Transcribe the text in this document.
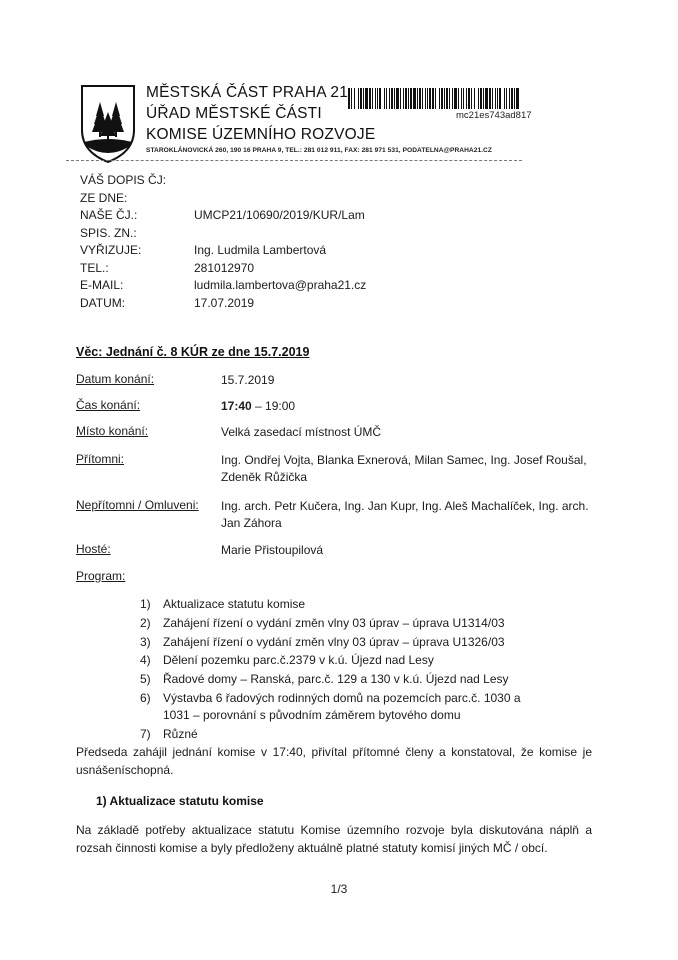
MĚSTSKÁ ČÁST PRAHA 21
ÚŘAD MĚSTSKÉ ČÁSTI
KOMISE ÚZEMNÍHO ROZVOJE
STAROKLÁNOVICKÁ 260, 190 16 PRAHA 9, TEL.: 281 012 911, FAX: 281 971 531, PODATELNA@PRAHA21.CZ
mc21es743ad817
VÁŠ DOPIS ČJ:
ZE DNE:
NAŠE ČJ.:	UMCP21/10690/2019/KUR/Lam
SPIS. ZN.:
VYŘIZUJE:	Ing. Ludmila Lambertová
TEL.:	281012970
E-MAIL:	ludmila.lambertova@praha21.cz
DATUM:	17.07.2019
Věc: Jednání č. 8 KÚR ze dne 15.7.2019
Datum konání:	15.7.2019
Čas konání:	17:40 – 19:00
Místo konání:	Velká zasedací místnost ÚMČ
Přítomni:	Ing. Ondřej Vojta, Blanka Exnerová, Milan Samec, Ing. Josef Roušal, Zdeněk Růžička
Nepřítomni / Omluveni: Ing. arch. Petr Kučera, Ing. Jan Kupr, Ing. Aleš Machalíček, Ing. arch. Jan Záhora
Hosté:	Marie Přistoupilová
Program:
1)	Aktualizace statutu komise
2)	Zahájení řízení o vydání změn vlny 03 úprav – úprava U1314/03
3)	Zahájení řízení o vydání změn vlny 03 úprav – úprava U1326/03
4)	Dělení pozemku parc.č.2379 v k.ú. Újezd nad Lesy
5)	Řadové domy – Ranská, parc.č. 129 a 130 v k.ú. Újezd nad Lesy
6)	Výstavba 6 řadových rodinných domů na pozemcích parc.č. 1030 a 1031 – porovnání s původním záměrem bytového domu
7)	Různé
Předseda zahájil jednání komise v 17:40, přivítal přítomné členy a konstatoval, že komise je usnášeníschopná.
1) Aktualizace statutu komise
Na základě potřeby aktualizace statutu Komise územního rozvoje byla diskutována náplň a rozsah činnosti komise a byly předloženy aktuálně platné statuty komisí jiných MČ / obcí.
1/3
